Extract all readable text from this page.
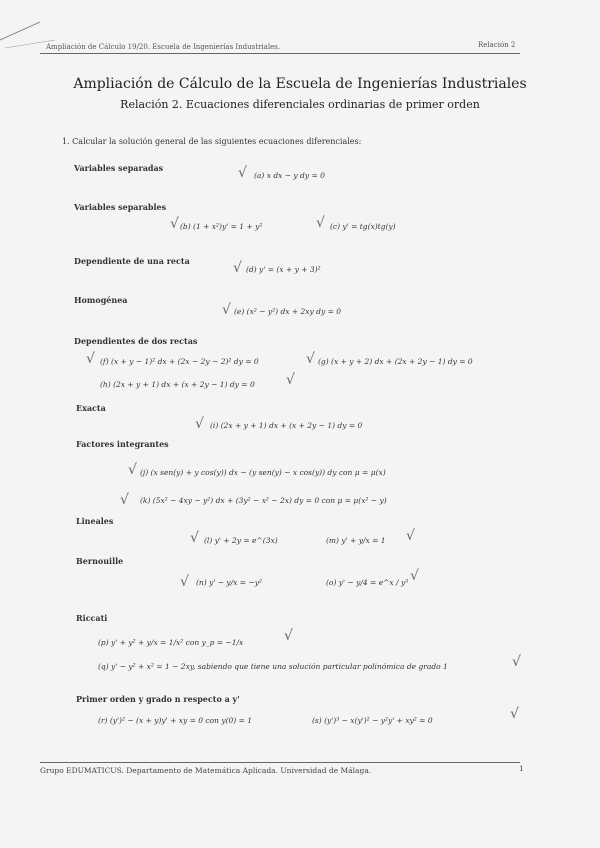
Ampliación de Cálculo 19/20. Escuela de Ingenierías Industriales.	Relación 2
Ampliación de Cálculo de la Escuela de Ingenierías Industriales
Relación 2. Ecuaciones diferenciales ordinarias de primer orden
1. Calcular la solución general de las siguientes ecuaciones diferenciales:
Variables separadas	√ (a) x dx − y dy = 0
Variables separables
√ (b) (1 + x²)y' = 1 + y²	√ (c) y' = tg(x)tg(y)
Dependiente de una recta	√ (d) y' = (x + y + 3)²
Homogénea
√ (e) (x² − y²) dx + 2xy dy = 0
Dependientes de dos rectas
√ (f) (x + y − 1)² dx + (2x − 2y − 2)² dy = 0	√ (g) (x + y + 2) dx + (2x + 2y − 1) dy = 0
(h) (2x + y + 1) dx + (x + 2y − 1) dy = 0 √
Exacta
√ (i) (2x + y + 1) dx + (x + 2y − 1) dy = 0
Factores integrantes
√ (j) (x sen(y) + y cos(y)) dx − (y sen(y) − x cos(y)) dy con μ = μ(x)
√ (k) (5x² − 4xy − y²) dx + (3y² − x² − 2x) dy = 0 con μ = μ(x² − y)
Lineales
√ (l) y' + 2y = e^(3x)	(m) y' + y/x = 1 √
Bernouille
√ (n) y' − y/x = −y²	(o) y' − y/4 = e^x / y³ √
Riccati
(p) y' + y² + y/x = 1/x² con y_p = −1/x	√
(q) y' − y² + x² = 1 − 2xy, sabiendo que tiene una solución particular polinómica de grado 1	√
Primer orden y grado n respecto a y'
(r) (y')² − (x + y)y' + xy = 0 con y(0) = 1	(s) (y')³ − x(y')² − y²y' + xy² = 0	√
Grupo EDUMATICUS. Departamento de Matemática Aplicada. Universidad de Málaga.	1
